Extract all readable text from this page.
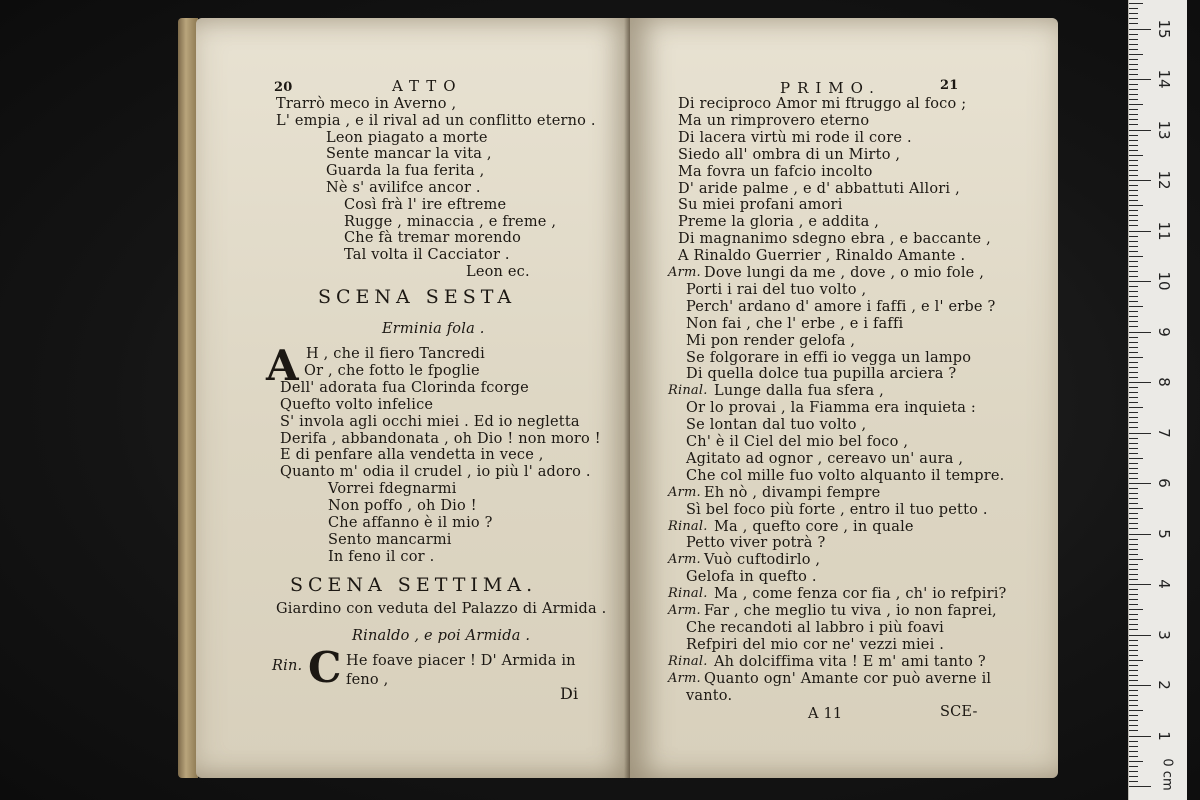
20	ATTO
Trarrò meco in Averno ,
L' empia , e il rival ad un conflitto eterno .
Leon piagato a morte
Sente mancar la vita ,
Guarda la fua ferita ,
Nè s' avilifce ancor .
Così frà l' ire eftreme
Rugge , minaccia , e freme ,
Che fà tremar morendo
Tal volta il Cacciator .
Leon ec.
SCENA SESTA
Erminia fola .
A H , che il fiero Tancredi
Or , che fotto le fpoglie
Dell' adorata fua Clorinda fcorge
Quefto volto infelice
S' invola agli occhi miei . Ed io negletta
Derifa , abbandonata , oh Dio ! non moro !
E di penfare alla vendetta in vece ,
Quanto m' odia il crudel , io più l' adoro .
Vorrei fdegnarmi
Non poffo , oh Dio !
Che affanno è il mio ?
Sento mancarmi
In feno il cor .
SCENA SETTIMA.
Giardino con veduta del Palazzo di Armida .
Rinaldo , e poi Armida .
Rin. C He foave piacer ! D' Armida in
feno ,
Di
PRIMO.	21
Di reciproco Amor mi ftruggo al foco ;
Ma un rimprovero eterno
Di lacera virtù mi rode il core .
Siedo all' ombra di un Mirto ,
Ma fovra un fafcio incolto
D' aride palme , e d' abbattuti Allori ,
Su miei profani amori
Preme la gloria , e addita ,
Di magnanimo sdegno ebra , e baccante ,
A Rinaldo Guerrier , Rinaldo Amante .
Arm. Dove lungi da me , dove , o mio fole ,
Porti i rai del tuo volto ,
Perch' ardano d' amore i faffi , e l' erbe ?
Non fai , che l' erbe , e i faffi
Mi pon render gelofa ,
Se folgorare in effi io vegga un lampo
Di quella dolce tua pupilla arciera ?
Rinal. Lunge dalla fua sfera ,
Or lo provai , la Fiamma era inquieta :
Se lontan dal tuo volto ,
Ch' è il Ciel del mio bel foco ,
Agitato ad ognor , cereavo un' aura ,
Che col mille fuo volto alquanto il tempre.
Arm. Eh nò , divampi fempre
Sì bel foco più forte , entro il tuo petto .
Rinal. Ma , quefto core , in quale
Petto viver potrà ?
Arm. Vuò cuftodirlo ,
Gelofa in quefto .
Rinal. Ma , come fenza cor fia , ch' io refpiri?
Arm. Far , che meglio tu viva , io non faprei,
Che recandoti al labbro i più foavi
Refpiri del mio cor ne' vezzi miei .
Rinal. Ah dolciffima vita ! E m' ami tanto ?
Arm. Quanto ogn' Amante cor può averne il
vanto.
A 11	SCE-
0 cm
15
14
13
12
11
10
9
8
7
6
5
4
3
2
1
